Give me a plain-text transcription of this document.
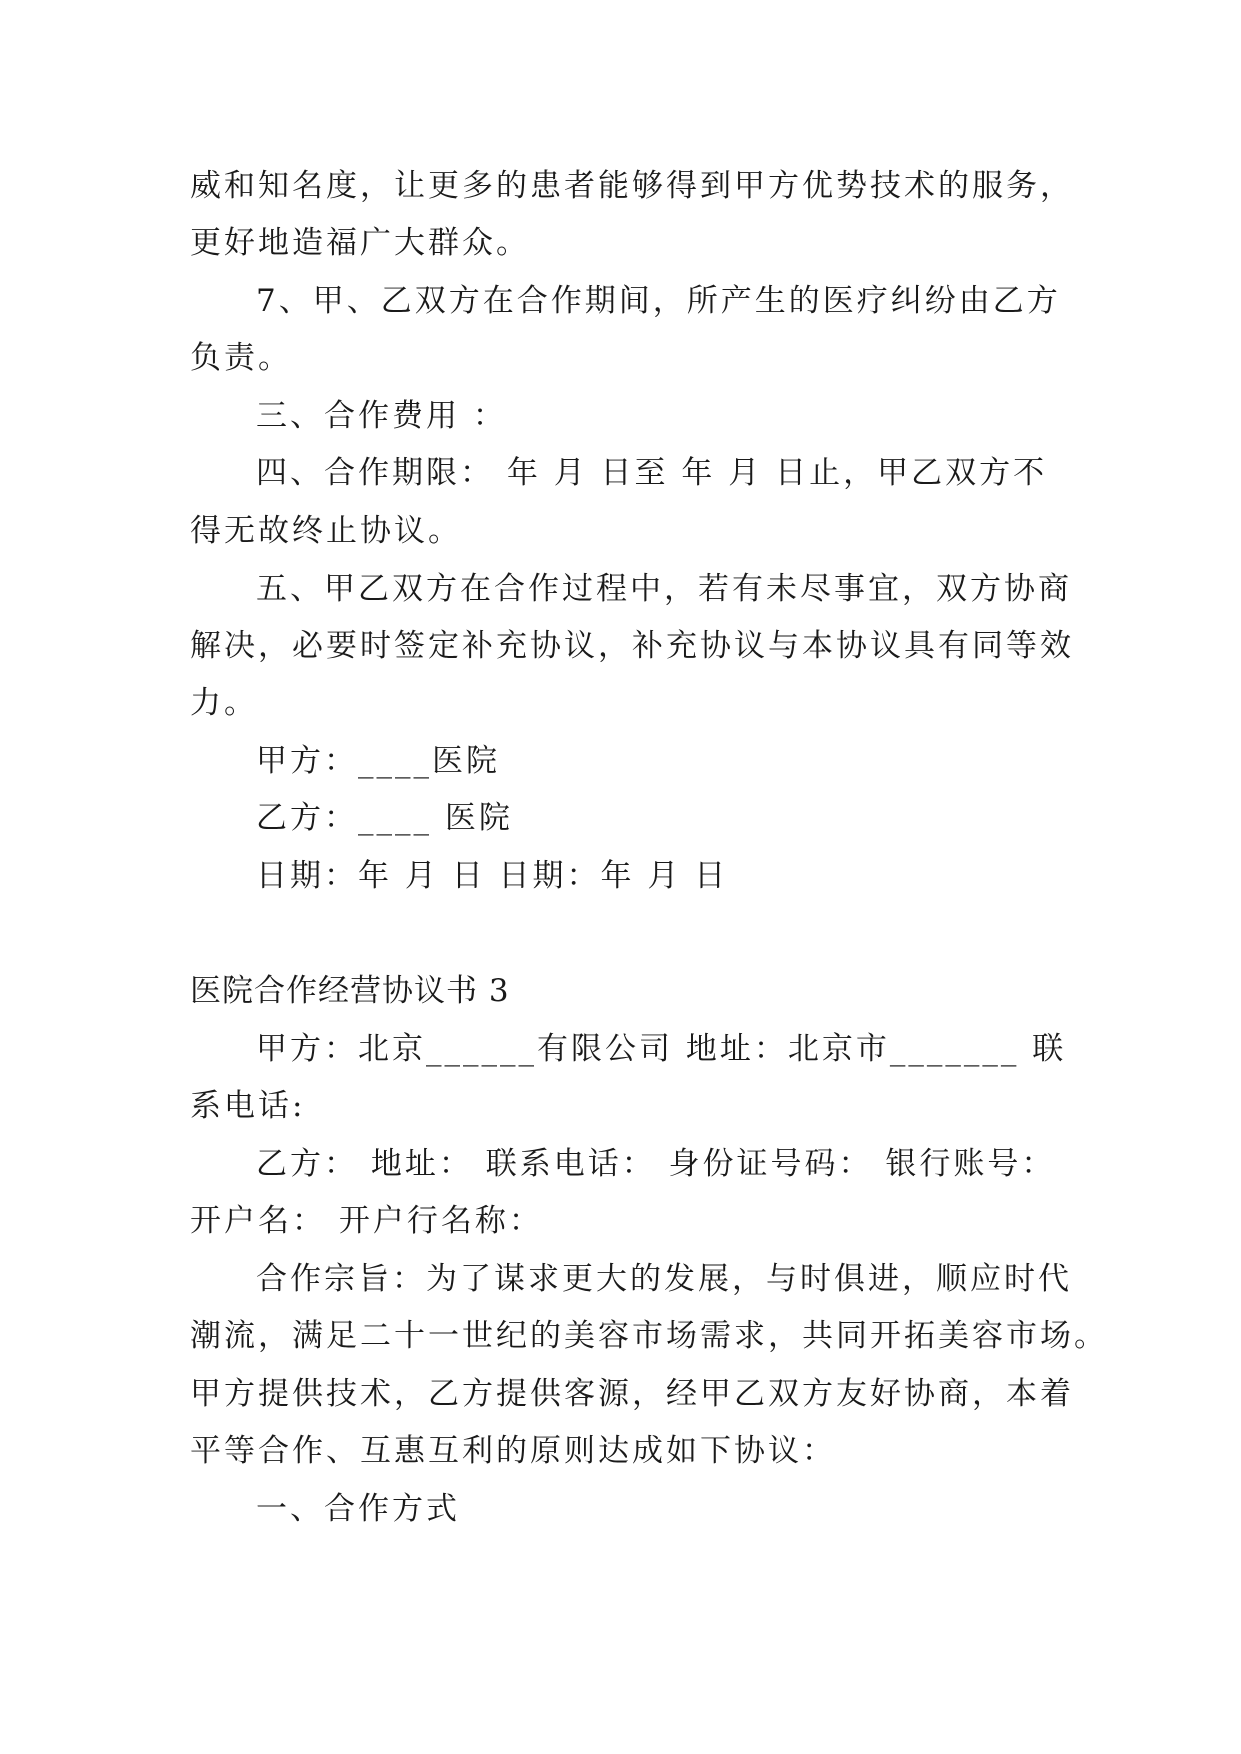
威和知名度，让更多的患者能够得到甲方优势技术的服务，
更好地造福广大群众。
7、甲、乙双方在合作期间，所产生的医疗纠纷由乙方
负责。
三、合作费用 ：
四、合作期限： 年 月 日至 年 月 日止，甲乙双方不
得无故终止协议。
五、甲乙双方在合作过程中，若有未尽事宜，双方协商
解决，必要时签定补充协议，补充协议与本协议具有同等效
力。
甲方：____医院
乙方：____ 医院
日期：年 月 日 日期：年 月 日
医院合作经营协议书 3
甲方：北京______有限公司 地址：北京市_______ 联
系电话:
乙方： 地址： 联系电话： 身份证号码： 银行账号：
开户名： 开户行名称：
合作宗旨：为了谋求更大的发展，与时俱进，顺应时代
潮流，满足二十一世纪的美容市场需求，共同开拓美容市场。
甲方提供技术，乙方提供客源，经甲乙双方友好协商，本着
平等合作、互惠互利的原则达成如下协议：
一、合作方式
